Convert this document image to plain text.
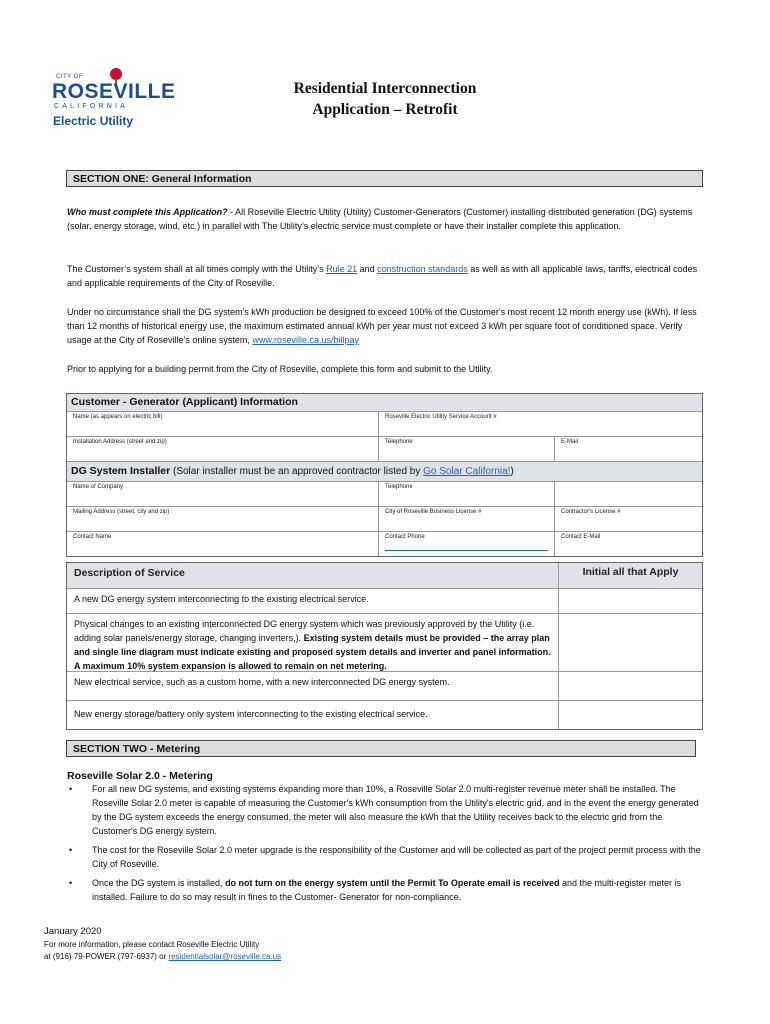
CITY OF
ROSEVILLE
CALIFORNIA
Electric Utility
Residential Interconnection
Application – Retrofit
SECTION ONE: General Information
Who must complete this Application? - All Roseville Electric Utility (Utility) Customer-Generators (Customer) installing distributed generation (DG) systems (solar, energy storage, wind, etc.) in parallel with The Utility’s electric service must complete or have their installer complete this application.
The Customer’s system shall at all times comply with the Utility’s Rule 21 and construction standards as well as with all applicable laws, tariffs, electrical codes and applicable requirements of the City of Roseville.
Under no circumstance shall the DG system's kWh production be designed to exceed 100% of the Customer's most recent 12 month energy use (kWh). If less than 12 months of historical energy use, the maximum estimated annual kWh per year must not exceed 3 kWh per square foot of conditioned space. Verify usage at the City of Roseville’s online system, www.roseville.ca.us/billpay
Prior to applying for a building permit from the City of Roseville, complete this form and submit to the Utility.
Customer - Generator (Applicant) Information
Name (as appears on electric bill)	Roseville Electric Utility Service Account #
Installation Address (street and zip)	Telephone	E-Mail
DG System Installer (Solar installer must be an approved contractor listed by Go Solar California!)
Name of Company	Telephone
Mailing Address (street, city and zip)	City of Roseville Business License #	Contractor's License #
Contact Name	Contact Phone	Contact E-Mail
Description of Service	Initial all that Apply
A new DG energy system interconnecting to the existing electrical service.
Physical changes to an existing interconnected DG energy system which was previously approved by the Utility (i.e. adding solar panels/energy storage, changing inverters,). Existing system details must be provided – the array plan and single line diagram must indicate existing and proposed system details and inverter and panel information. A maximum 10% system expansion is allowed to remain on net metering.
New electrical service, such as a custom home, with a new interconnected DG energy system.
New energy storage/battery only system interconnecting to the existing electrical service.
SECTION TWO - Metering
Roseville Solar 2.0 - Metering
• For all new DG systems, and existing systems expanding more than 10%, a Roseville Solar 2.0 multi-register revenue meter shall be installed. The Roseville Solar 2.0 meter is capable of measuring the Customer's kWh consumption from the Utility's electric grid, and in the event the energy generated by the DG system exceeds the energy consumed, the meter will also measure the kWh that the Utility receives back to the electric grid from the Customer's DG energy system.
• The cost for the Roseville Solar 2.0 meter upgrade is the responsibility of the Customer and will be collected as part of the project permit process with the City of Roseville.
• Once the DG system is installed, do not turn on the energy system until the Permit To Operate email is received and the multi-register meter is installed. Failure to do so may result in fines to the Customer- Generator for non-compliance.
January 2020
For more information, please contact Roseville Electric Utility
at (916) 79-POWER (797-6937) or residentialsolar@roseville.ca.us
